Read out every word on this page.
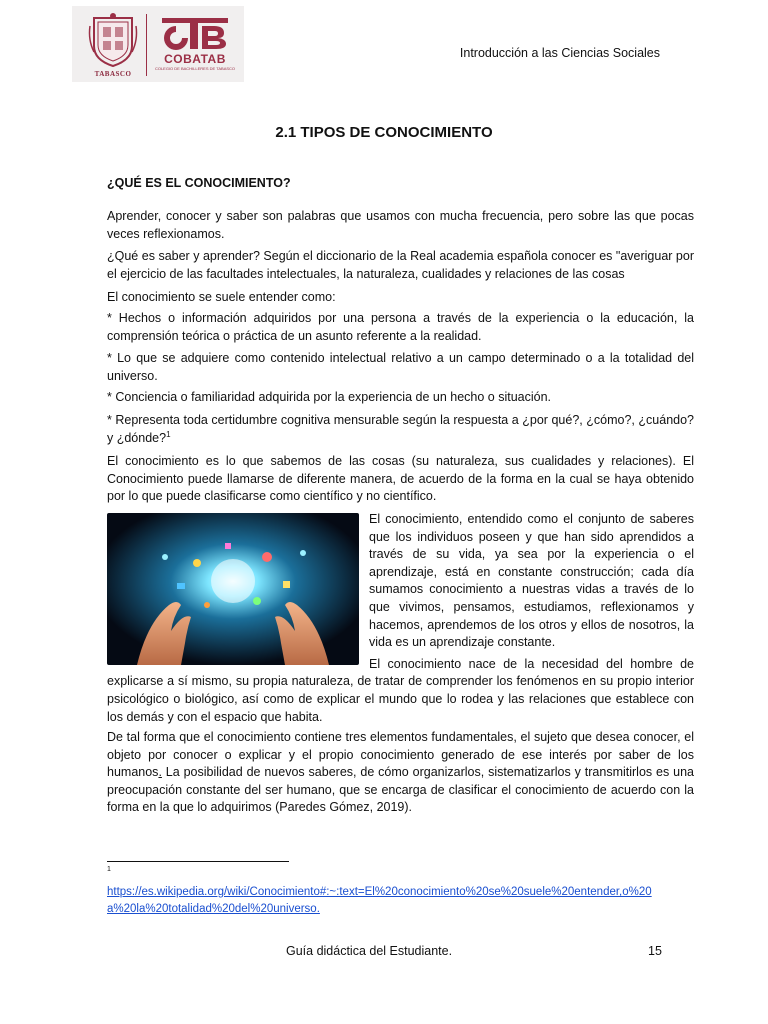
TABASCO
COBATAB
COLEGIO DE BACHILLERES DE TABASCO
Introducción a las Ciencias Sociales
2.1 TIPOS DE CONOCIMIENTO

¿QUÉ ES EL CONOCIMIENTO?

Aprender, conocer y saber son palabras que usamos con mucha frecuencia, pero sobre las que pocas veces reflexionamos.

¿Qué es saber y aprender? Según el diccionario de la Real academia española conocer es "averiguar por el ejercicio de las facultades intelectuales, la naturaleza, cualidades y relaciones de las cosas

El conocimiento se suele entender como:

* Hechos o información adquiridos por una persona a través de la experiencia o la educación, la comprensión teórica o práctica de un asunto referente a la realidad.

* Lo que se adquiere como contenido intelectual relativo a un campo determinado o a la totalidad del universo.

* Conciencia o familiaridad adquirida por la experiencia de un hecho o situación.

* Representa toda certidumbre cognitiva mensurable según la respuesta a ¿por qué?, ¿cómo?, ¿cuándo? y ¿dónde?$^1$

El conocimiento es lo que sabemos de las cosas (su naturaleza, sus cualidades y relaciones). El Conocimiento puede llamarse de diferente manera, de acuerdo de la forma en la cual se haya obtenido por lo que puede clasificarse como científico y no científico.

El conocimiento, entendido como el conjunto de saberes que los individuos poseen y que han sido aprendidos a través de su vida, ya sea por la experiencia o el aprendizaje, está en constante construcción; cada día sumamos conocimiento a nuestras vidas a través de lo que vivimos, pensamos, estudiamos, reflexionamos y hacemos, aprendemos de los otros y ellos de nosotros, la vida es un aprendizaje constante.

El conocimiento nace de la necesidad del hombre de explicarse a sí mismo, su propia naturaleza, de tratar de comprender los fenómenos en su propio interior psicológico o biológico, así como de explicar el mundo que lo rodea y las relaciones que establece con los demás y con el espacio que habita.

De tal forma que el conocimiento contiene tres elementos fundamentales, el sujeto que desea conocer, el objeto por conocer o explicar y el propio conocimiento generado de ese interés por saber de los humanos. La posibilidad de nuevos saberes, de cómo organizarlos, sistematizarlos y transmitirlos es una preocupación constante del ser humano, que se encarga de clasificar el conocimiento de acuerdo con la forma en la que lo adquirimos (Paredes Gómez, 2019).

1
https://es.wikipedia.org/wiki/Conocimiento#:~:text=El%20conocimiento%20se%20suele%20entender,o%20a%20la%20totalidad%20del%20universo.
Guía didáctica del Estudiante.	15
